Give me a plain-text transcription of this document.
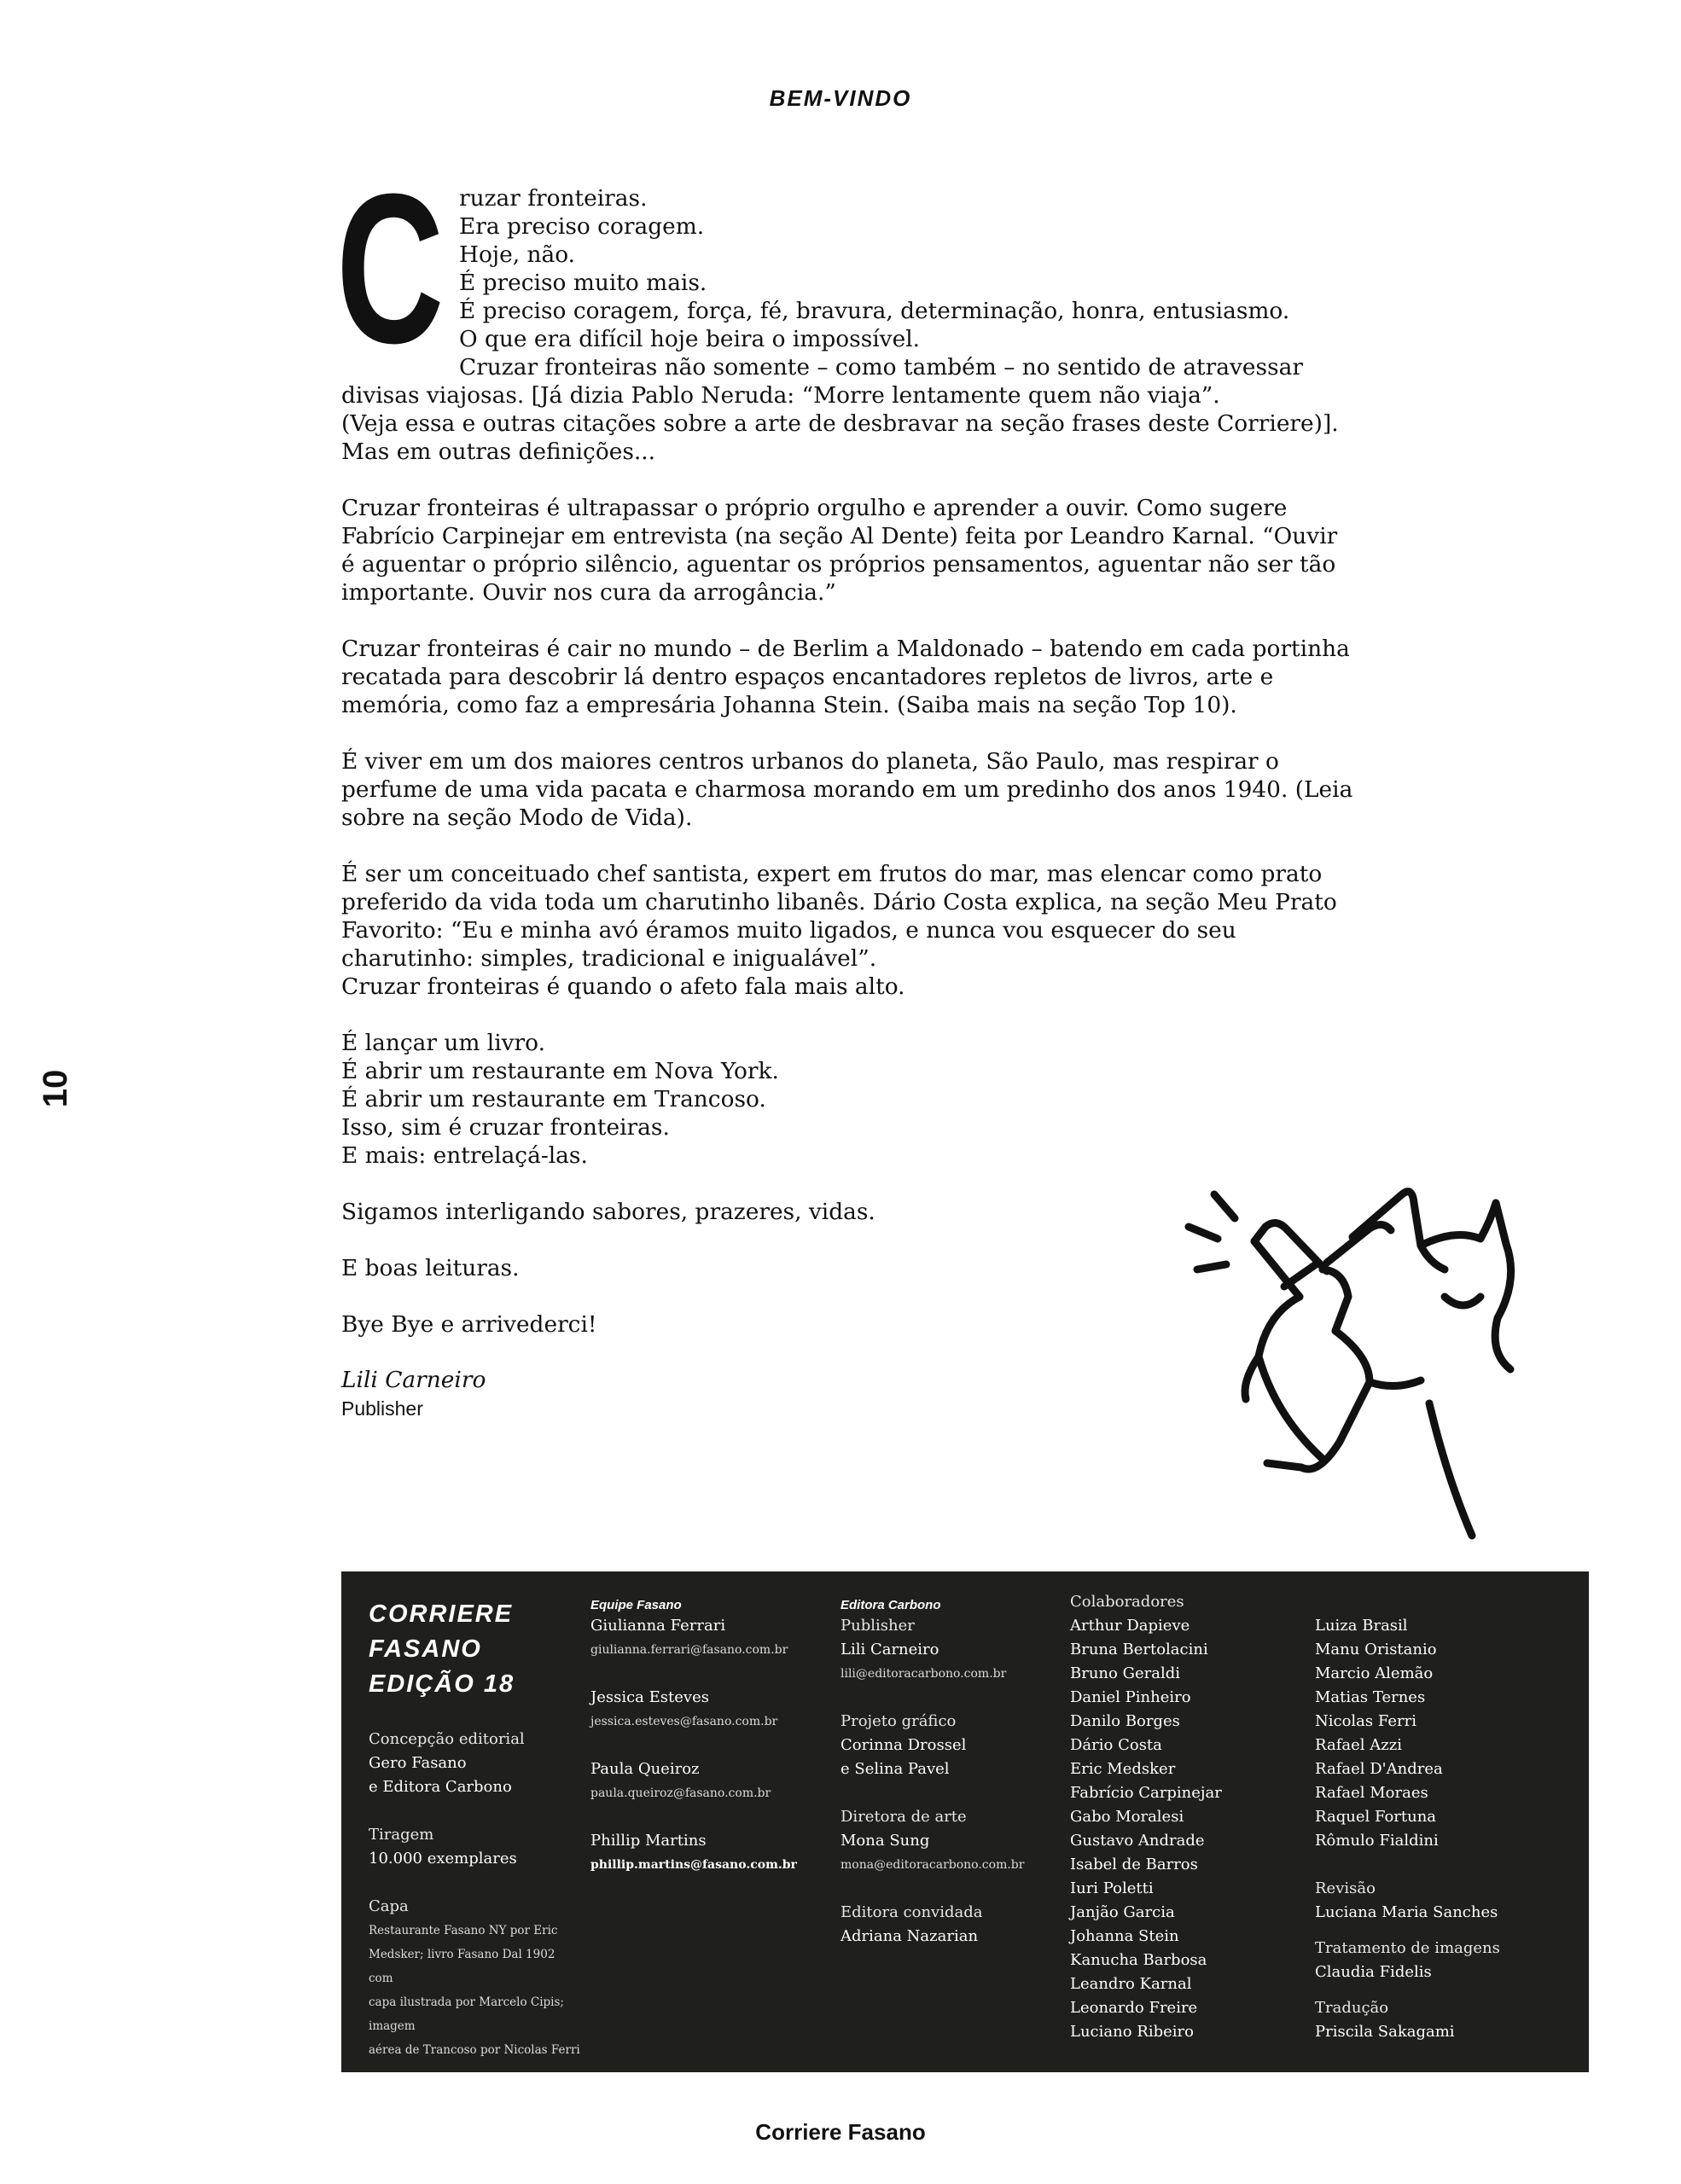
BEM-VINDO
10
C ruzar fronteiras.
Era preciso coragem.
Hoje, não.
É preciso muito mais.
É preciso coragem, força, fé, bravura, determinação, honra, entusiasmo.
O que era difícil hoje beira o impossível.
Cruzar fronteiras não somente – como também – no sentido de atravessar
divisas viajosas. [Já dizia Pablo Neruda: “Morre lentamente quem não viaja”.
(Veja essa e outras citações sobre a arte de desbravar na seção frases deste Corriere)].
Mas em outras definições...

Cruzar fronteiras é ultrapassar o próprio orgulho e aprender a ouvir. Como sugere Fabrício Carpinejar em entrevista (na seção Al Dente) feita por Leandro Karnal. “Ouvir é aguentar o próprio silêncio, aguentar os próprios pensamentos, aguentar não ser tão importante. Ouvir nos cura da arrogância.”

Cruzar fronteiras é cair no mundo – de Berlim a Maldonado – batendo em cada portinha recatada para descobrir lá dentro espaços encantadores repletos de livros, arte e memória, como faz a empresária Johanna Stein. (Saiba mais na seção Top 10).

É viver em um dos maiores centros urbanos do planeta, São Paulo, mas respirar o perfume de uma vida pacata e charmosa morando em um predinho dos anos 1940. (Leia sobre na seção Modo de Vida).

É ser um conceituado chef santista, expert em frutos do mar, mas elencar como prato preferido da vida toda um charutinho libanês. Dário Costa explica, na seção Meu Prato Favorito: “Eu e minha avó éramos muito ligados, e nunca vou esquecer do seu charutinho: simples, tradicional e inigualável”.

Cruzar fronteiras é quando o afeto fala mais alto.

É lançar um livro.
É abrir um restaurante em Nova York.
É abrir um restaurante em Trancoso.
Isso, sim é cruzar fronteiras.
E mais: entrelaçá-las.

Sigamos interligando sabores, prazeres, vidas.

E boas leituras.

Bye Bye e arrivederci!

Lili Carneiro
Publisher
CORRIERE FASANO
EDIÇÃO 18
Concepção editorial
Gero Fasano
e Editora Carbono
Tiragem
10.000 exemplares
Capa
Restaurante Fasano NY por Eric
Medsker; livro Fasano Dal 1902 com
capa ilustrada por Marcelo Cipis; imagem
aérea de Trancoso por Nicolas Ferri
Equipe Fasano
Giulianna Ferrari
giulianna.ferrari@fasano.com.br
Jessica Esteves
jessica.esteves@fasano.com.br
Paula Queiroz
paula.queiroz@fasano.com.br
Phillip Martins
phillip.martins@fasano.com.br
Editora Carbono
Publisher
Lili Carneiro
lili@editoracarbono.com.br
Projeto gráfico
Corinna Drossel
e Selina Pavel
Diretora de arte
Mona Sung
mona@editoracarbono.com.br
Editora convidada
Adriana Nazarian
Colaboradores
Arthur Dapieve
Bruna Bertolacini
Bruno Geraldi
Daniel Pinheiro
Danilo Borges
Dário Costa
Eric Medsker
Fabrício Carpinejar
Gabo Moralesi
Gustavo Andrade
Isabel de Barros
Iuri Poletti
Janjão Garcia
Johanna Stein
Kanucha Barbosa
Leandro Karnal
Leonardo Freire
Luciano Ribeiro
Luiza Brasil
Manu Oristanio
Marcio Alemão
Matias Ternes
Nicolas Ferri
Rafael Azzi
Rafael D'Andrea
Rafael Moraes
Raquel Fortuna
Rômulo Fialdini
Revisão
Luciana Maria Sanches
Tratamento de imagens
Claudia Fidelis
Tradução
Priscila Sakagami
Corriere Fasano
